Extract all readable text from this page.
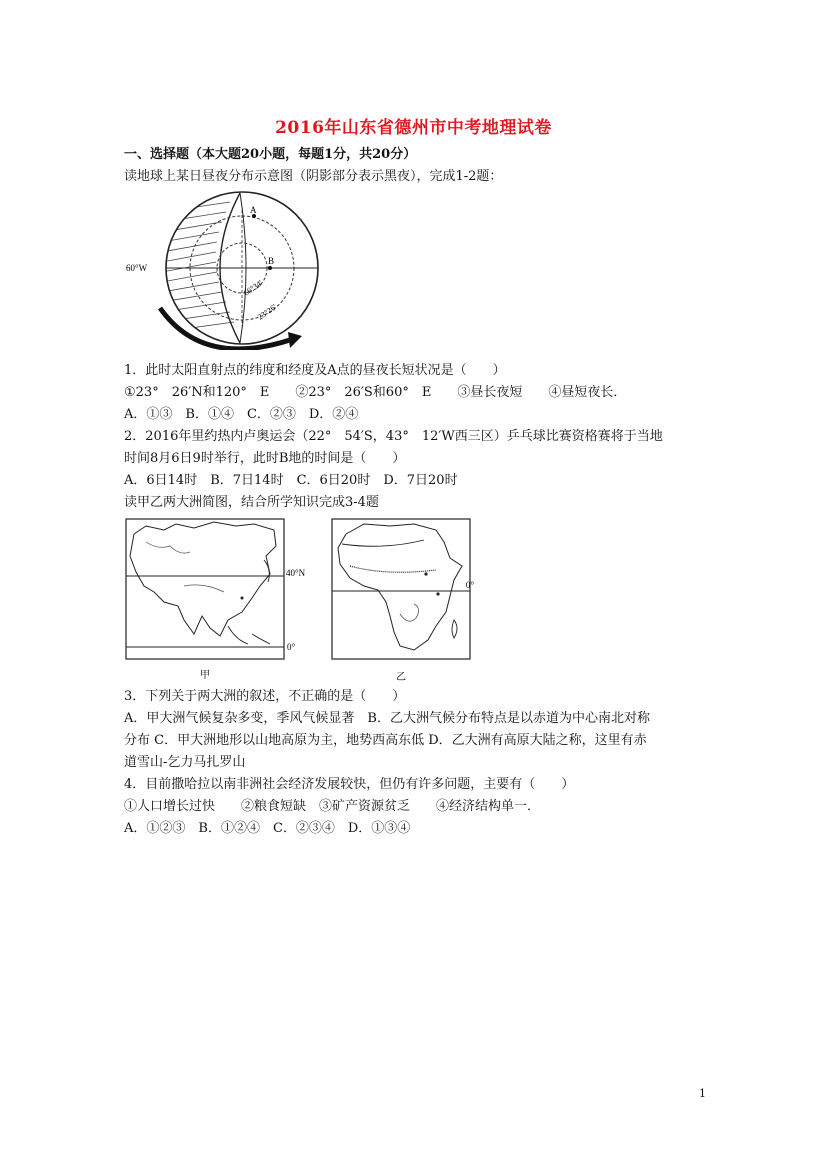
2016年山东省德州市中考地理试卷
一、选择题（本大题20小题，每题1分，共20分）
读地球上某日昼夜分布示意图（阴影部分表示黑夜），完成1-2题：
A
B
60°W
66°34′
23°26′
1．此时太阳直射点的纬度和经度及A点的昼夜长短状况是（　　）
①23°　26′N和120°　E　　②23°　26′S和60°　E　　③昼长夜短　　④昼短夜长．
A．①③　B．①④　C．②③　D．②④
2．2016年里约热内卢奥运会（22°　54′S，43°　12′W西三区）乒乓球比赛资格赛将于当地
时间8月6日9时举行，此时B地的时间是（　　）
A．6日14时　B．7日14时　C．6日20时　D．7日20时
读甲乙两大洲简图，结合所学知识完成3-4题
40°N
0°
甲
0°
乙
3．下列关于两大洲的叙述，不正确的是（　　）
A．甲大洲气候复杂多变，季风气候显著　B．乙大洲气候分布特点是以赤道为中心南北对称
分布 C．甲大洲地形以山地高原为主，地势西高东低 D．乙大洲有高原大陆之称，这里有赤
道雪山-乞力马扎罗山
4．目前撒哈拉以南非洲社会经济发展较快，但仍有许多问题，主要有（　　）
①人口增长过快　　②粮食短缺　③矿产资源贫乏　　④经济结构单一．
A．①②③　B．①②④　C．②③④　D．①③④
1
